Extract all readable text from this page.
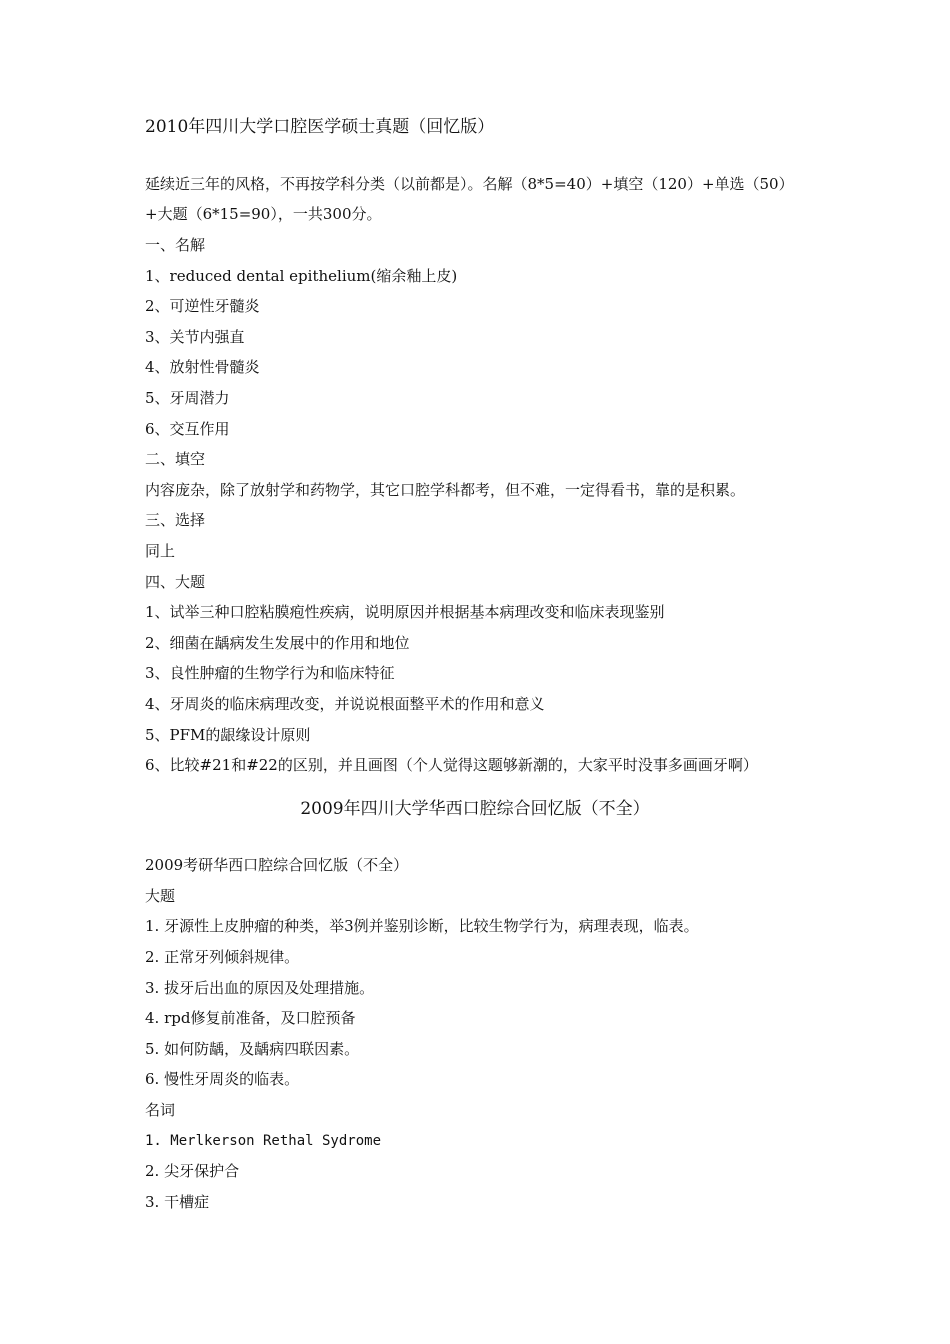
2010年四川大学口腔医学硕士真题（回忆版）
延续近三年的风格，不再按学科分类（以前都是）。名解（8*5=40）+填空（120）+单选（50）
+大题（6*15=90），一共300分。
一、名解
1、reduced dental epithelium(缩余釉上皮)
2、可逆性牙髓炎
3、关节内强直
4、放射性骨髓炎
5、牙周潜力
6、交互作用
二、填空
内容庞杂，除了放射学和药物学，其它口腔学科都考，但不难，一定得看书，靠的是积累。
三、选择
同上
四、大题
1、试举三种口腔粘膜疱性疾病，说明原因并根据基本病理改变和临床表现鉴别
2、细菌在龋病发生发展中的作用和地位
3、良性肿瘤的生物学行为和临床特征
4、牙周炎的临床病理改变，并说说根面整平术的作用和意义
5、PFM的龈缘设计原则
6、比较#21和#22的区别，并且画图（个人觉得这题够新潮的，大家平时没事多画画牙啊）
2009年四川大学华西口腔综合回忆版（不全）
2009考研华西口腔综合回忆版（不全）
大题
1. 牙源性上皮肿瘤的种类，举3例并鉴别诊断，比较生物学行为，病理表现，临表。
2. 正常牙列倾斜规律。
3. 拔牙后出血的原因及处理措施。
4. rpd修复前准备，及口腔预备
5. 如何防龋，及龋病四联因素。
6. 慢性牙周炎的临表。
名词
1. Merlkerson Rethal Sydrome
2. 尖牙保护合
3. 干槽症
